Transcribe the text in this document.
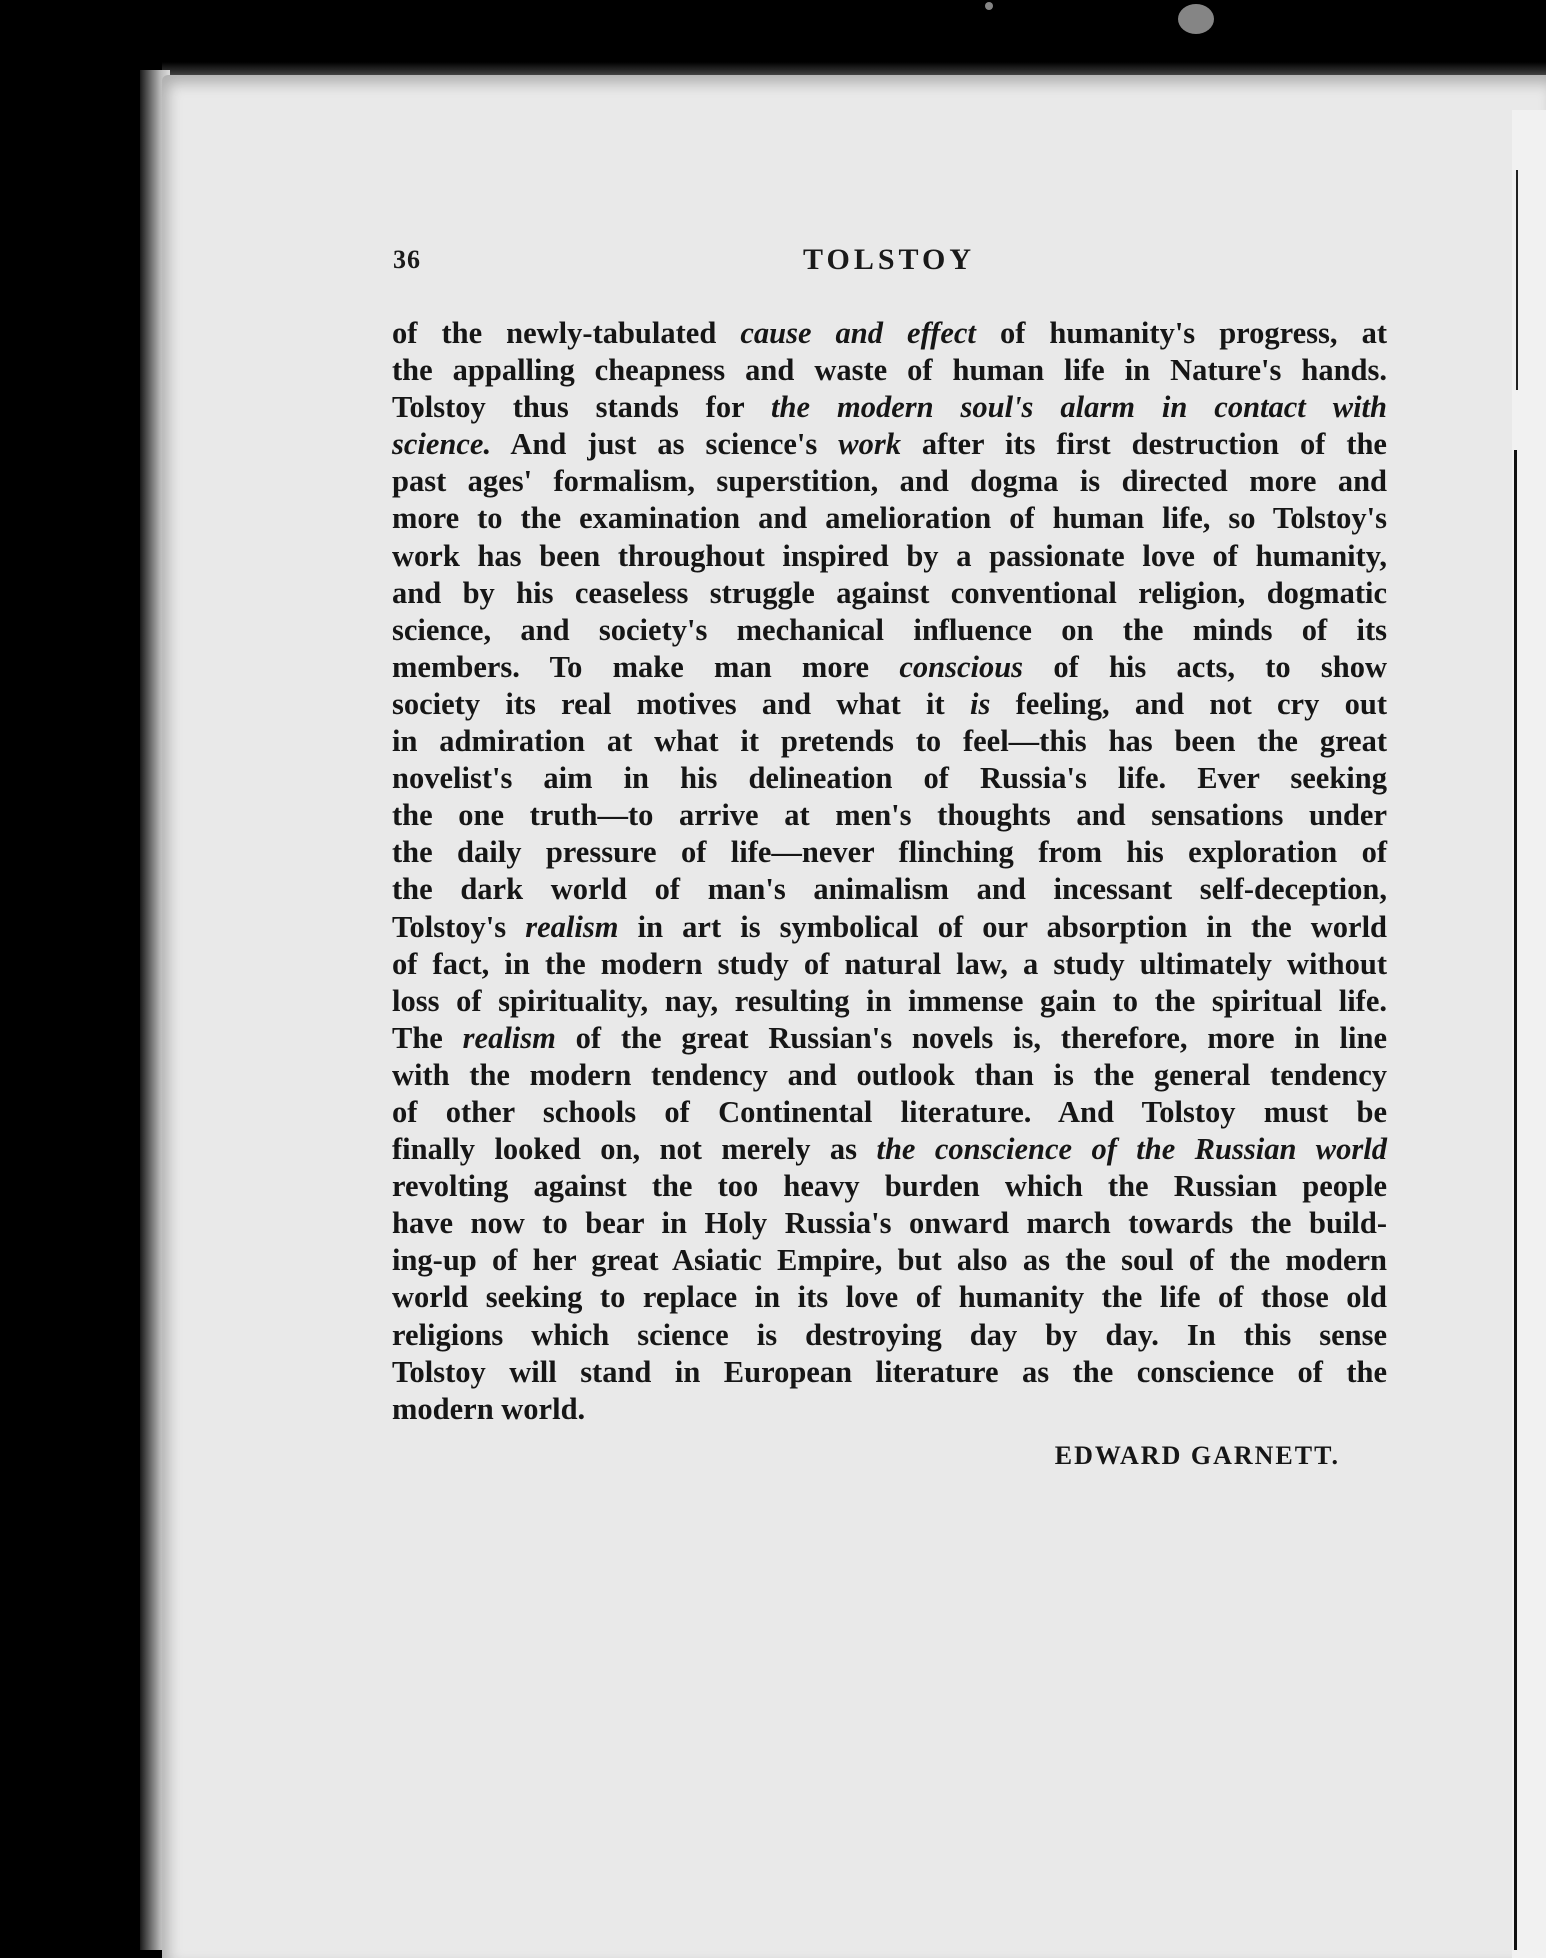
36	TOLSTOY
of the newly-tabulated cause and effect of humanity's progress, at
the appalling cheapness and waste of human life in Nature's hands.
Tolstoy thus stands for the modern soul's alarm in contact with
science. And just as science's work after its first destruction of the
past ages' formalism, superstition, and dogma is directed more and
more to the examination and amelioration of human life, so Tolstoy's
work has been throughout inspired by a passionate love of humanity,
and by his ceaseless struggle against conventional religion, dogmatic
science, and society's mechanical influence on the minds of its
members. To make man more conscious of his acts, to show
society its real motives and what it is feeling, and not cry out
in admiration at what it pretends to feel—this has been the great
novelist's aim in his delineation of Russia's life. Ever seeking
the one truth—to arrive at men's thoughts and sensations under
the daily pressure of life—never flinching from his exploration of
the dark world of man's animalism and incessant self-deception,
Tolstoy's realism in art is symbolical of our absorption in the world
of fact, in the modern study of natural law, a study ultimately without
loss of spirituality, nay, resulting in immense gain to the spiritual life.
The realism of the great Russian's novels is, therefore, more in line
with the modern tendency and outlook than is the general tendency
of other schools of Continental literature. And Tolstoy must be
finally looked on, not merely as the conscience of the Russian world
revolting against the too heavy burden which the Russian people
have now to bear in Holy Russia's onward march towards the build-
ing-up of her great Asiatic Empire, but also as the soul of the modern
world seeking to replace in its love of humanity the life of those old
religions which science is destroying day by day. In this sense
Tolstoy will stand in European literature as the conscience of the
modern world.
EDWARD GARNETT.
